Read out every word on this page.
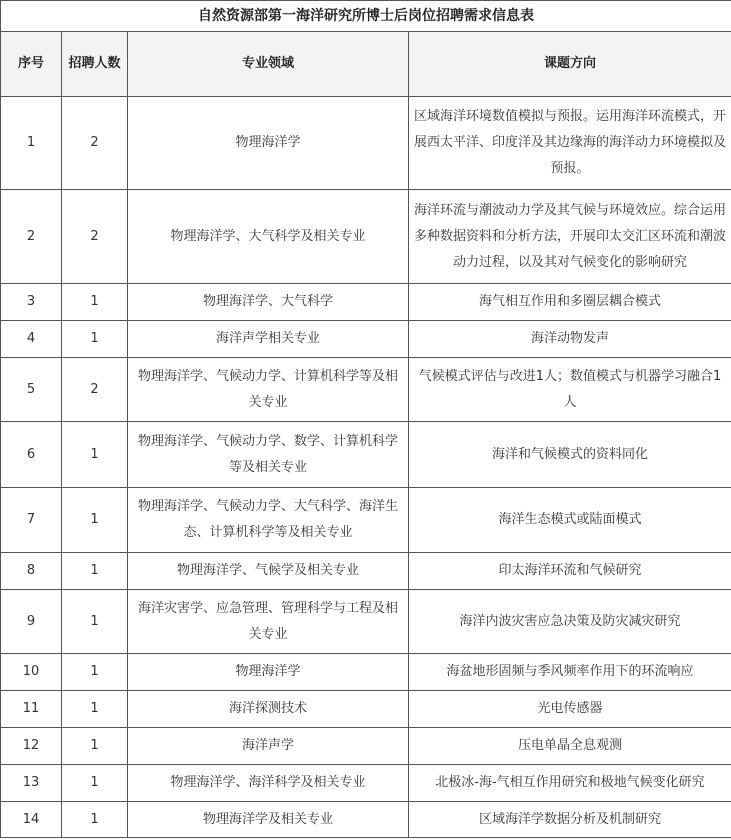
自然资源部第一海洋研究所博士后岗位招聘需求信息表			
序号	招聘人数	专业领域	课题方向
1	2	物理海洋学	区域海洋环境数值模拟与预报。运用海洋环流模式，开展西太平洋、印度洋及其边缘海的海洋动力环境模拟及预报。
2	2	物理海洋学、大气科学及相关专业	海洋环流与潮波动力学及其气候与环境效应。综合运用多种数据资料和分析方法，开展印太交汇区环流和潮波动力过程，以及其对气候变化的影响研究
3	1	物理海洋学、大气科学	海气相互作用和多圈层耦合模式
4	1	海洋声学相关专业	海洋动物发声
5	2	物理海洋学、气候动力学、计算机科学等及相关专业	气候模式评估与改进1人；数值模式与机器学习融合1人
6	1	物理海洋学、气候动力学、数学、计算机科学等及相关专业	海洋和气候模式的资料同化
7	1	物理海洋学、气候动力学、大气科学、海洋生态、计算机科学等及相关专业	海洋生态模式或陆面模式
8	1	物理海洋学、气候学及相关专业	印太海洋环流和气候研究
9	1	海洋灾害学、应急管理、管理科学与工程及相关专业	海洋内波灾害应急决策及防灾减灾研究
10	1	物理海洋学	海盆地形固频与季风频率作用下的环流响应
11	1	海洋探测技术	光电传感器
12	1	海洋声学	压电单晶全息观测
13	1	物理海洋学、海洋科学及相关专业	北极冰-海-气相互作用研究和极地气候变化研究
14	1	物理海洋学及相关专业	区域海洋学数据分析及机制研究
